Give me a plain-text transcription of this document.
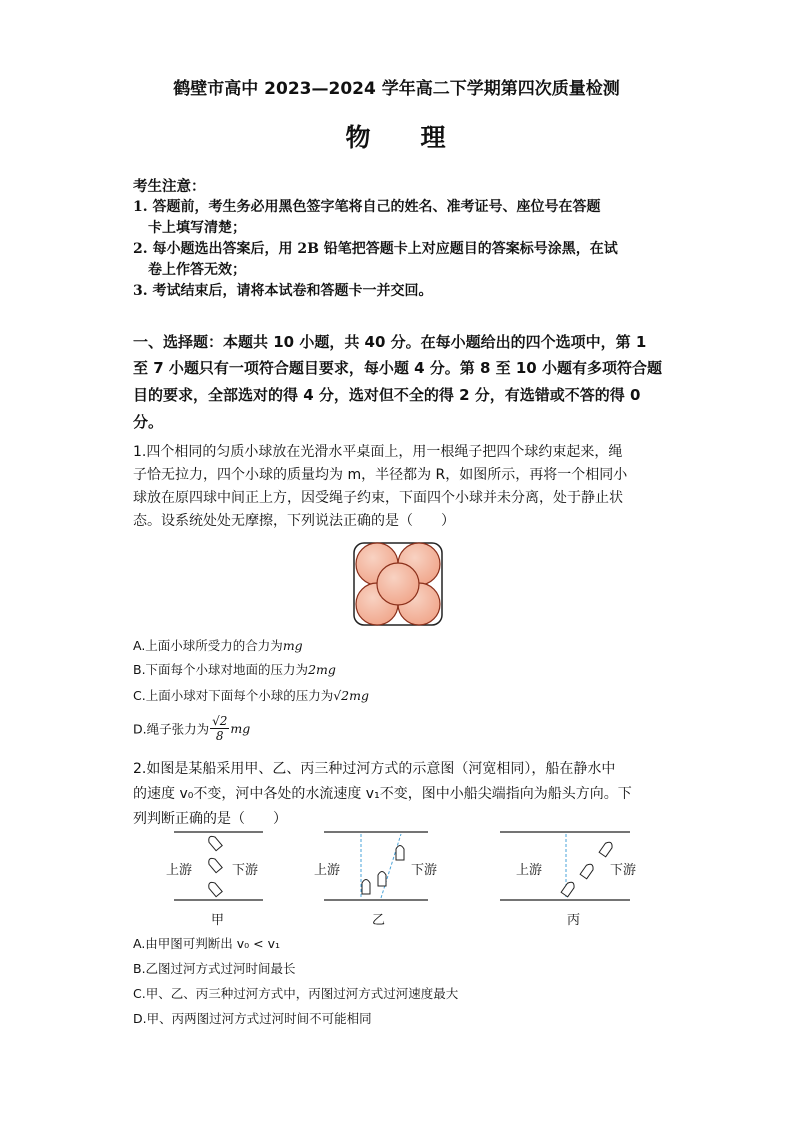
鹤壁市高中 2023—2024 学年高二下学期第四次质量检测
物 理
考生注意：
1. 答题前，考生务必用黑色签字笔将自己的姓名、准考证号、座位号在答题
卡上填写清楚；
2. 每小题选出答案后，用 2B 铅笔把答题卡上对应题目的答案标号涂黑，在试
卷上作答无效；
3. 考试结束后，请将本试卷和答题卡一并交回。
一、选择题：本题共 10 小题，共 40 分。在每小题给出的四个选项中，第 1
至 7 小题只有一项符合题目要求，每小题 4 分。第 8 至 10 小题有多项符合题
目的要求，全部选对的得 4 分，选对但不全的得 2 分，有选错或不答的得 0
分。
1.四个相同的匀质小球放在光滑水平桌面上，用一根绳子把四个球约束起来，绳
子恰无拉力，四个小球的质量均为 m，半径都为 R，如图所示，再将一个相同小
球放在原四球中间正上方，因受绳子约束，下面四个小球并未分离，处于静止状
态。设系统处处无摩擦，下列说法正确的是（　　）
A.上面小球所受力的合力为mg
B.下面每个小球对地面的压力为2mg
C.上面小球对下面每个小球的压力为√2mg
D.绳子张力为 $\frac{√2}{8}$ mg
2.如图是某船采用甲、乙、丙三种过河方式的示意图（河宽相同），船在静水中
的速度 v₀不变，河中各处的水流速度 v₁不变，图中小船尖端指向为船头方向。下
列判断正确的是（　　）
上游	下游	上游	下游	上游	下游
甲	乙	丙
A.由甲图可判断出 v₀ < v₁
B.乙图过河方式过河时间最长
C.甲、乙、丙三种过河方式中，丙图过河方式过河速度最大
D.甲、丙两图过河方式过河时间不可能相同
